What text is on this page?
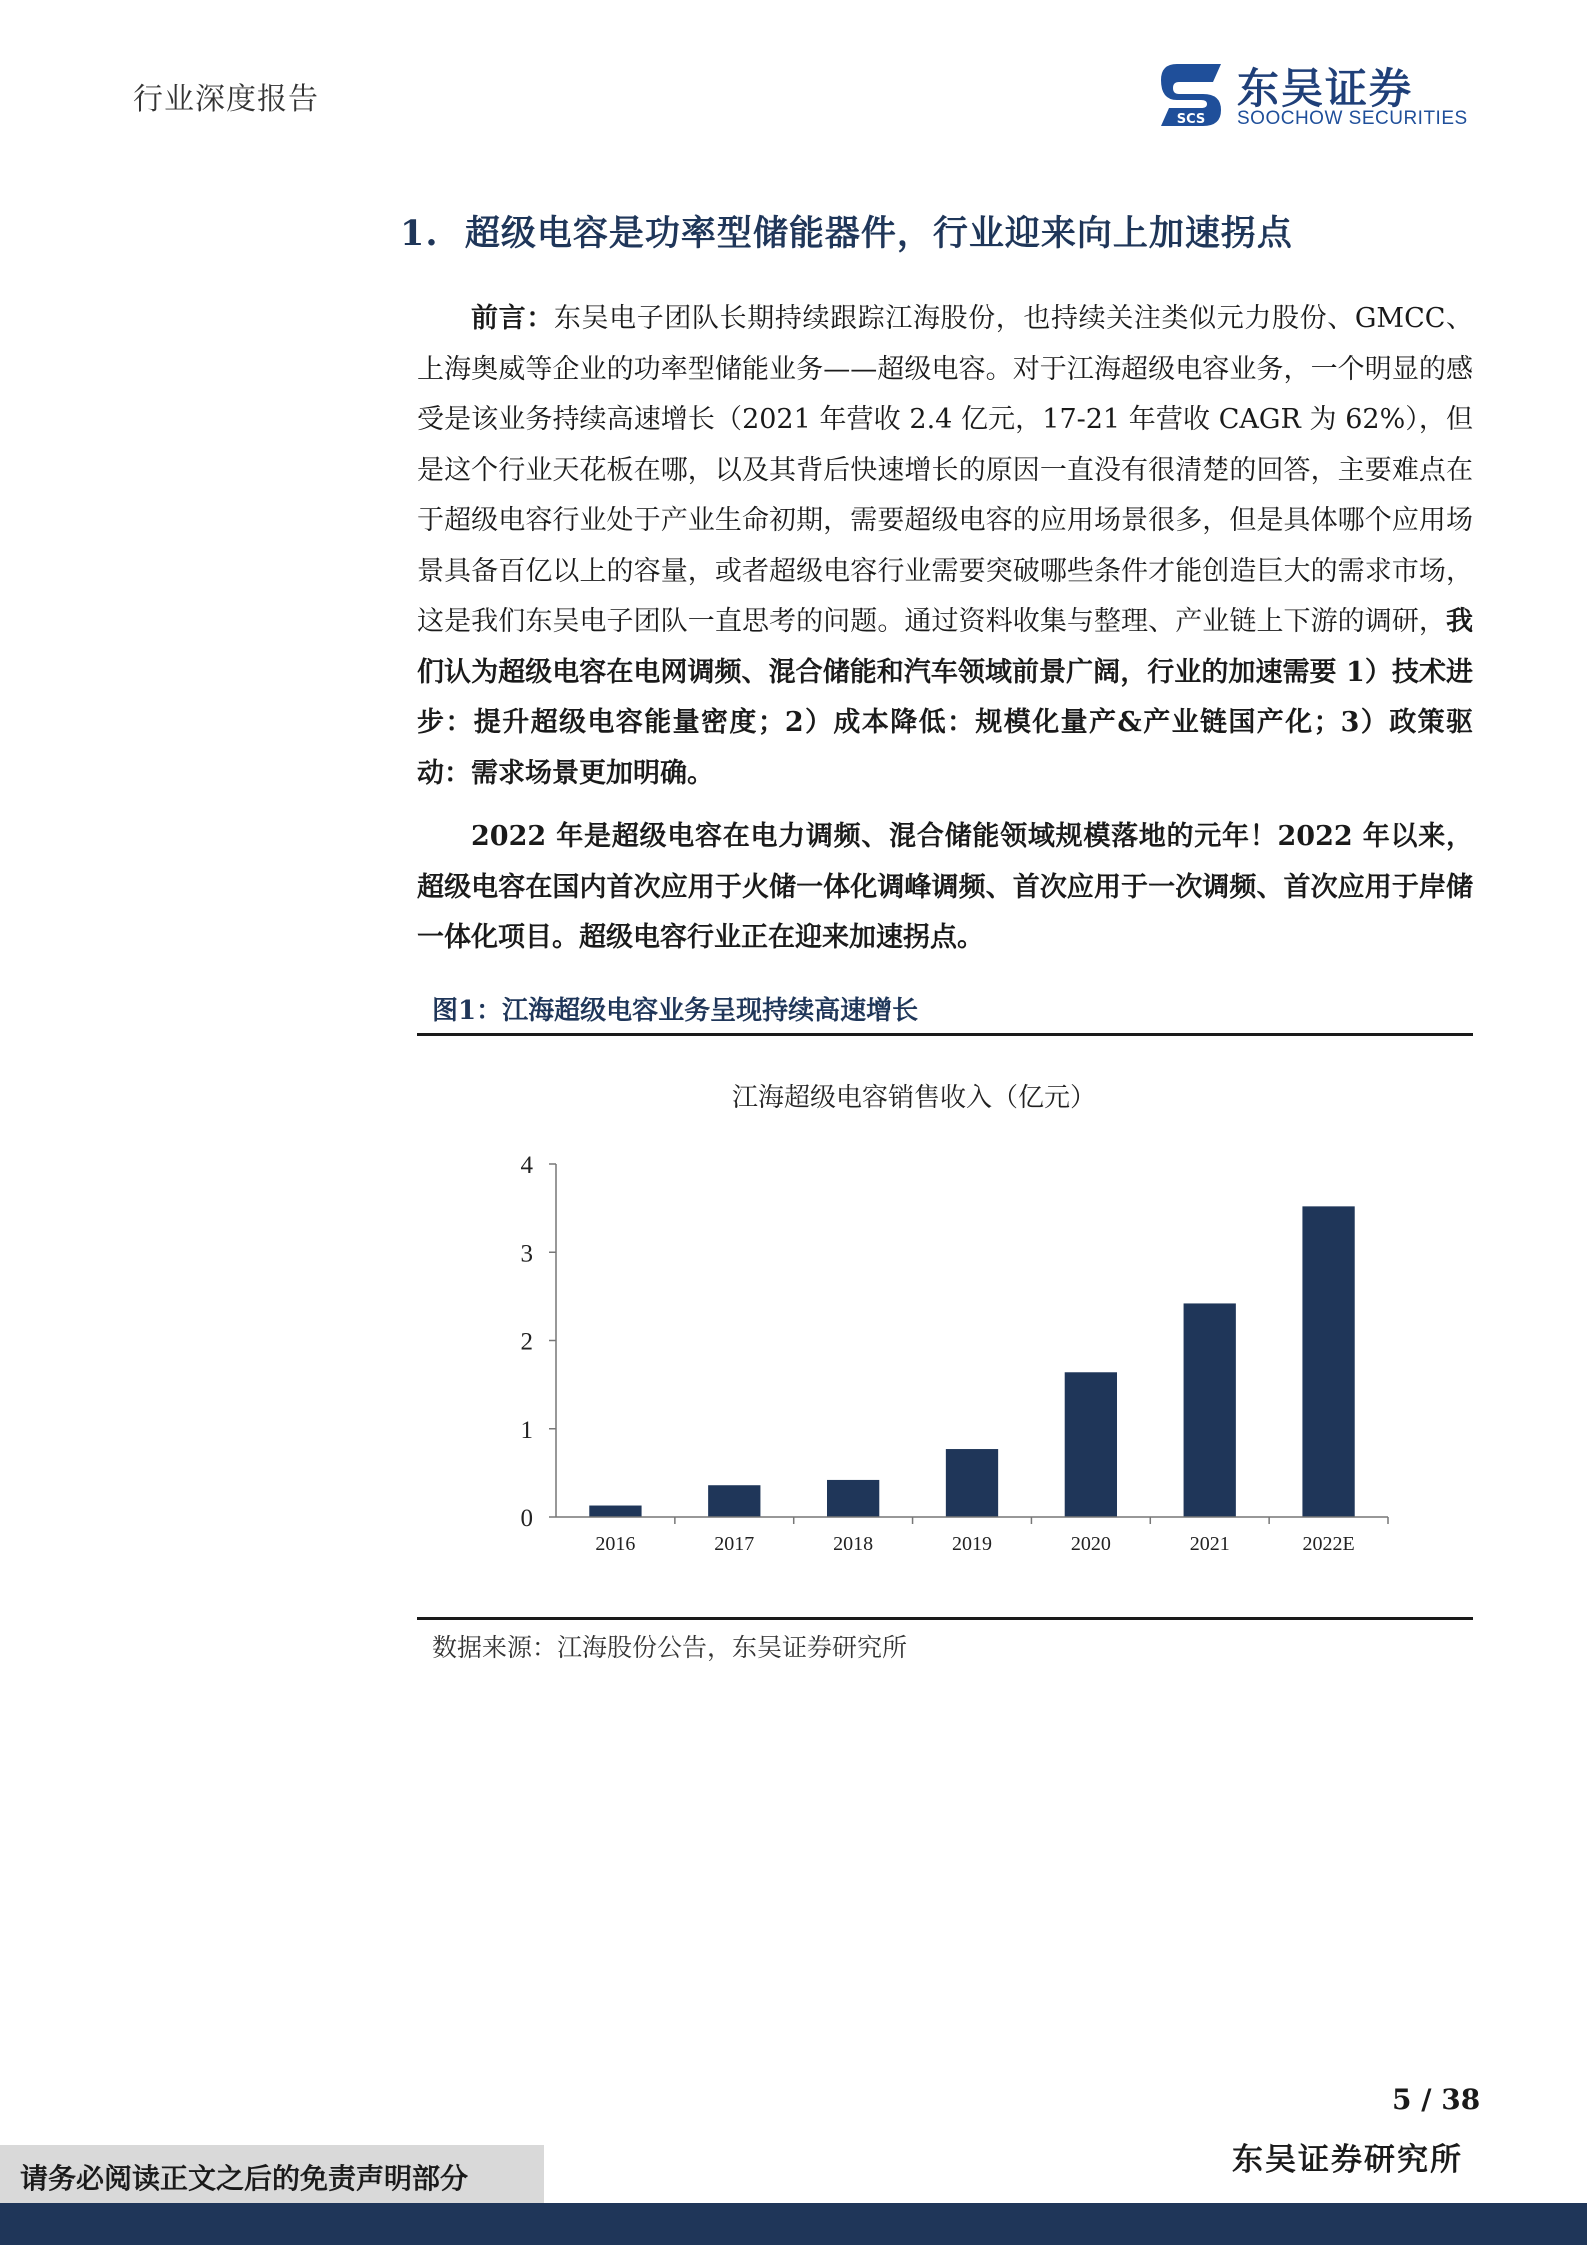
行业深度报告
SCS
东吴证券
SOOCHOW SECURITIES
1. 超级电容是功率型储能器件，行业迎来向上加速拐点

前言：东吴电子团队长期持续跟踪江海股份，也持续关注类似元力股份、GMCC、上海奥威等企业的功率型储能业务——超级电容。对于江海超级电容业务，一个明显的感受是该业务持续高速增长（2021 年营收 2.4 亿元，17-21 年营收 CAGR 为 62%），但是这个行业天花板在哪，以及其背后快速增长的原因一直没有很清楚的回答，主要难点在于超级电容行业处于产业生命初期，需要超级电容的应用场景很多，但是具体哪个应用场景具备百亿以上的容量，或者超级电容行业需要突破哪些条件才能创造巨大的需求市场，这是我们东吴电子团队一直思考的问题。通过资料收集与整理、产业链上下游的调研，我们认为超级电容在电网调频、混合储能和汽车领域前景广阔，行业的加速需要 1）技术进步：提升超级电容能量密度；2）成本降低：规模化量产&产业链国产化；3）政策驱动：需求场景更加明确。

2022 年是超级电容在电力调频、混合储能领域规模落地的元年！2022 年以来，超级电容在国内首次应用于火储一体化调峰调频、首次应用于一次调频、首次应用于岸储一体化项目。超级电容行业正在迎来加速拐点。

图1：江海超级电容业务呈现持续高速增长
江海超级电容销售收入（亿元）
0
1
2
3
4
2016	2017	2018	2019	2020	2021	2022E
数据来源：江海股份公告，东吴证券研究所
5 / 38
东吴证券研究所
请务必阅读正文之后的免责声明部分
